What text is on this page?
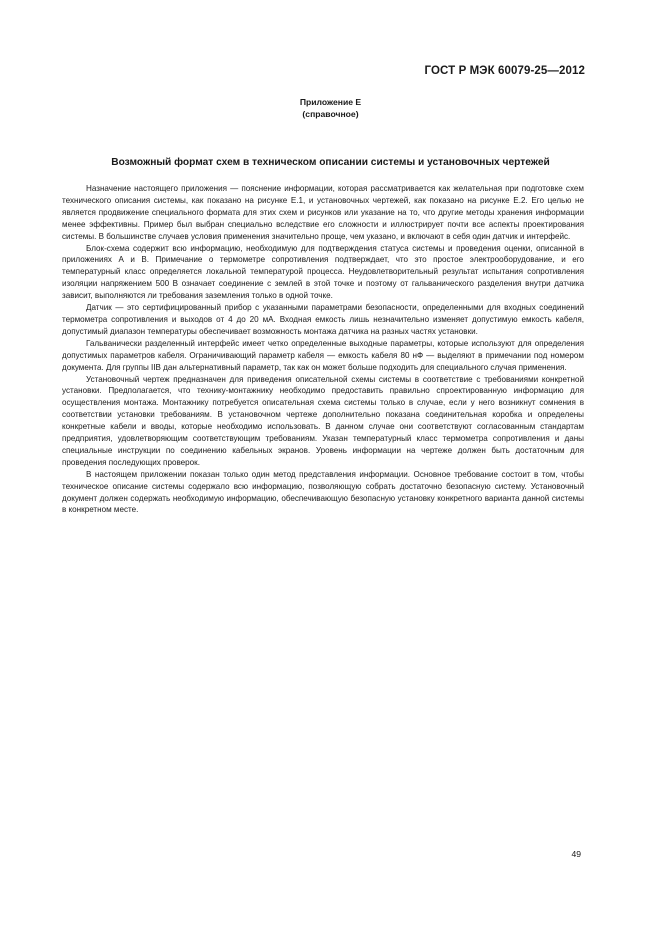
ГОСТ Р МЭК 60079-25—2012
Приложение Е
(справочное)
Возможный формат схем в техническом описании системы и установочных чертежей

Назначение настоящего приложения — пояснение информации, которая рассматривается как желательная при подготовке схем технического описания системы, как показано на рисунке Е.1, и установочных чертежей, как показано на рисунке Е.2. Его целью не является продвижение специального формата для этих схем и рисунков или указание на то, что другие методы хранения информации менее эффективны. Пример был выбран специально вследствие его сложности и иллюстрирует почти все аспекты проектирования системы. В большинстве случаев условия применения значительно проще, чем указано, и включают в себя один датчик и интерфейс.

Блок-схема содержит всю информацию, необходимую для подтверждения статуса системы и проведения оценки, описанной в приложениях А и В. Примечание о термометре сопротивления подтверждает, что это простое электрооборудование, и его температурный класс определяется локальной температурой процесса. Неудовлетворительный результат испытания сопротивления изоляции напряжением 500 В означает соединение с землей в этой точке и поэтому от гальванического разделения внутри датчика зависит, выполняются ли требования заземления только в одной точке.

Датчик — это сертифицированный прибор с указанными параметрами безопасности, определенными для входных соединений термометра сопротивления и выходов от 4 до 20 мА. Входная емкость лишь незначительно изменяет допустимую емкость кабеля, допустимый диапазон температуры обеспечивает возможность монтажа датчика на разных частях установки.

Гальванически разделенный интерфейс имеет четко определенные выходные параметры, которые используют для определения допустимых параметров кабеля. Ограничивающий параметр кабеля — емкость кабеля 80 нФ — выделяют в примечании под номером документа. Для группы IIВ дан альтернативный параметр, так как он может больше подходить для специального случая применения.

Установочный чертеж предназначен для приведения описательной схемы системы в соответствие с требованиями конкретной установки. Предполагается, что технику-монтажнику необходимо предоставить правильно спроектированную информацию для осуществления монтажа. Монтажнику потребуется описательная схема системы только в случае, если у него возникнут сомнения в соответствии установки требованиям. В установочном чертеже дополнительно показана соединительная коробка и определены конкретные кабели и вводы, которые необходимо использовать. В данном случае они соответствуют согласованным стандартам предприятия, удовлетворяющим соответствующим требованиям. Указан температурный класс термометра сопротивления и даны специальные инструкции по соединению кабельных экранов. Уровень информации на чертеже должен быть достаточным для проведения последующих проверок.

В настоящем приложении показан только один метод представления информации. Основное требование состоит в том, чтобы техническое описание системы содержало всю информацию, позволяющую собрать достаточно безопасную систему. Установочный документ должен содержать необходимую информацию, обеспечивающую безопасную установку конкретного варианта данной системы в конкретном месте.

49
